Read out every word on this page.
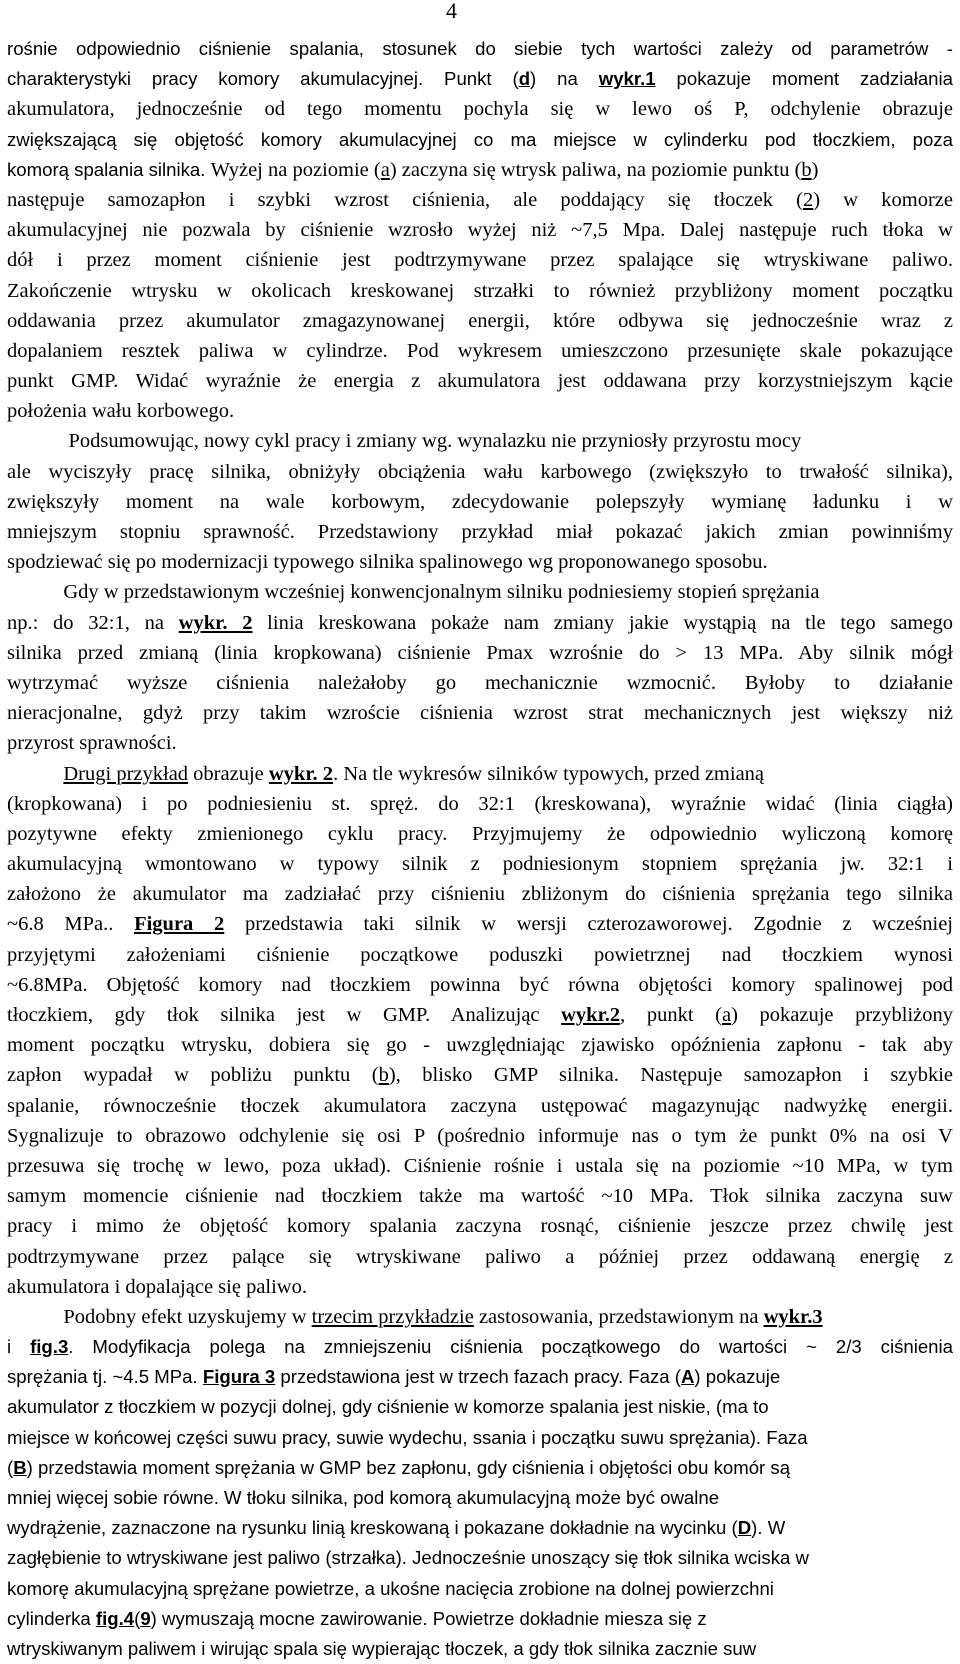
4
rośnie odpowiednio ciśnienie spalania, stosunek do siebie tych wartości zależy od parametrów -
charakterystyki pracy komory akumulacyjnej. Punkt (d) na wykr.1 pokazuje moment zadziałania
akumulatora, jednocześnie od tego momentu pochyla się w lewo oś P, odchylenie obrazuje
zwiększającą się objętość komory akumulacyjnej co ma miejsce w cylinderku pod tłoczkiem, poza
komorą spalania silnika. Wyżej na poziomie (a) zaczyna się wtrysk paliwa, na poziomie punktu (b)
następuje samozapłon i szybki wzrost ciśnienia, ale poddający się tłoczek (2) w komorze
akumulacyjnej nie pozwala by ciśnienie wzrosło wyżej niż ~7,5 Mpa. Dalej następuje ruch tłoka w
dół i przez moment ciśnienie jest podtrzymywane przez spalające się wtryskiwane paliwo.
Zakończenie wtrysku w okolicach kreskowanej strzałki to również przybliżony moment początku
oddawania przez akumulator zmagazynowanej energii, które odbywa się jednocześnie wraz z
dopalaniem resztek paliwa w cylindrze. Pod wykresem umieszczono przesunięte skale pokazujące
punkt GMP. Widać wyraźnie że energia z akumulatora jest oddawana przy korzystniejszym kącie
położenia wału korbowego.
Podsumowując, nowy cykl pracy i zmiany wg. wynalazku nie przyniosły przyrostu mocy
ale wyciszyły pracę silnika, obniżyły obciążenia wału karbowego (zwiększyło to trwałość silnika),
zwiększyły moment na wale korbowym, zdecydowanie polepszyły wymianę ładunku i w
mniejszym stopniu sprawność. Przedstawiony przykład miał pokazać jakich zmian powinniśmy
spodziewać się po modernizacji typowego silnika spalinowego wg proponowanego sposobu.
Gdy w przedstawionym wcześniej konwencjonalnym silniku podniesiemy stopień sprężania
np.: do 32:1, na wykr. 2 linia kreskowana pokaże nam zmiany jakie wystąpią na tle tego samego
silnika przed zmianą (linia kropkowana) ciśnienie Pmax wzrośnie do > 13 MPa. Aby silnik mógł
wytrzymać wyższe ciśnienia należałoby go mechanicznie wzmocnić. Byłoby to działanie
nieracjonalne, gdyż przy takim wzroście ciśnienia wzrost strat mechanicznych jest większy niż
przyrost sprawności.
Drugi przykład obrazuje wykr. 2. Na tle wykresów silników typowych, przed zmianą
(kropkowana) i po podniesieniu st. spręż. do 32:1 (kreskowana), wyraźnie widać (linia ciągła)
pozytywne efekty zmienionego cyklu pracy. Przyjmujemy że odpowiednio wyliczoną komorę
akumulacyjną wmontowano w typowy silnik z podniesionym stopniem sprężania jw. 32:1 i
założono że akumulator ma zadziałać przy ciśnieniu zbliżonym do ciśnienia sprężania tego silnika
~6.8 MPa.. Figura 2 przedstawia taki silnik w wersji czterozaworowej. Zgodnie z wcześniej
przyjętymi założeniami ciśnienie początkowe poduszki powietrznej nad tłoczkiem wynosi
~6.8MPa. Objętość komory nad tłoczkiem powinna być równa objętości komory spalinowej pod
tłoczkiem, gdy tłok silnika jest w GMP. Analizując wykr.2, punkt (a) pokazuje przybliżony
moment początku wtrysku, dobiera się go - uwzględniając zjawisko opóźnienia zapłonu - tak aby
zapłon wypadał w pobliżu punktu (b), blisko GMP silnika. Następuje samozapłon i szybkie
spalanie, równocześnie tłoczek akumulatora zaczyna ustępować magazynując nadwyżkę energii.
Sygnalizuje to obrazowo odchylenie się osi P (pośrednio informuje nas o tym że punkt 0% na osi V
przesuwa się trochę w lewo, poza układ). Ciśnienie rośnie i ustala się na poziomie ~10 MPa, w tym
samym momencie ciśnienie nad tłoczkiem także ma wartość ~10 MPa. Tłok silnika zaczyna suw
pracy i mimo że objętość komory spalania zaczyna rosnąć, ciśnienie jeszcze przez chwilę jest
podtrzymywane przez palące się wtryskiwane paliwo a później przez oddawaną energię z
akumulatora i dopalające się paliwo.
Podobny efekt uzyskujemy w trzecim przykładzie zastosowania, przedstawionym na wykr.3
i fig.3. Modyfikacja polega na zmniejszeniu ciśnienia początkowego do wartości ~ 2/3 ciśnienia
sprężania tj. ~4.5 MPa. Figura 3 przedstawiona jest w trzech fazach pracy. Faza (A) pokazuje
akumulator z tłoczkiem w pozycji dolnej, gdy ciśnienie w komorze spalania jest niskie, (ma to
miejsce w końcowej części suwu pracy, suwie wydechu, ssania i początku suwu sprężania). Faza
(B) przedstawia moment sprężania w GMP bez zapłonu, gdy ciśnienia i objętości obu komór są
mniej więcej sobie równe. W tłoku silnika, pod komorą akumulacyjną może być owalne
wydrążenie, zaznaczone na rysunku linią kreskowaną i pokazane dokładnie na wycinku (D). W
zagłębienie to wtryskiwane jest paliwo (strzałka). Jednocześnie unoszący się tłok silnika wciska w
komorę akumulacyjną sprężane powietrze, a ukośne nacięcia zrobione na dolnej powierzchni
cylinderka fig.4(9) wymuszają mocne zawirowanie. Powietrze dokładnie miesza się z
wtryskiwanym paliwem i wirując spala się wypierając tłoczek, a gdy tłok silnika zacznie suw
